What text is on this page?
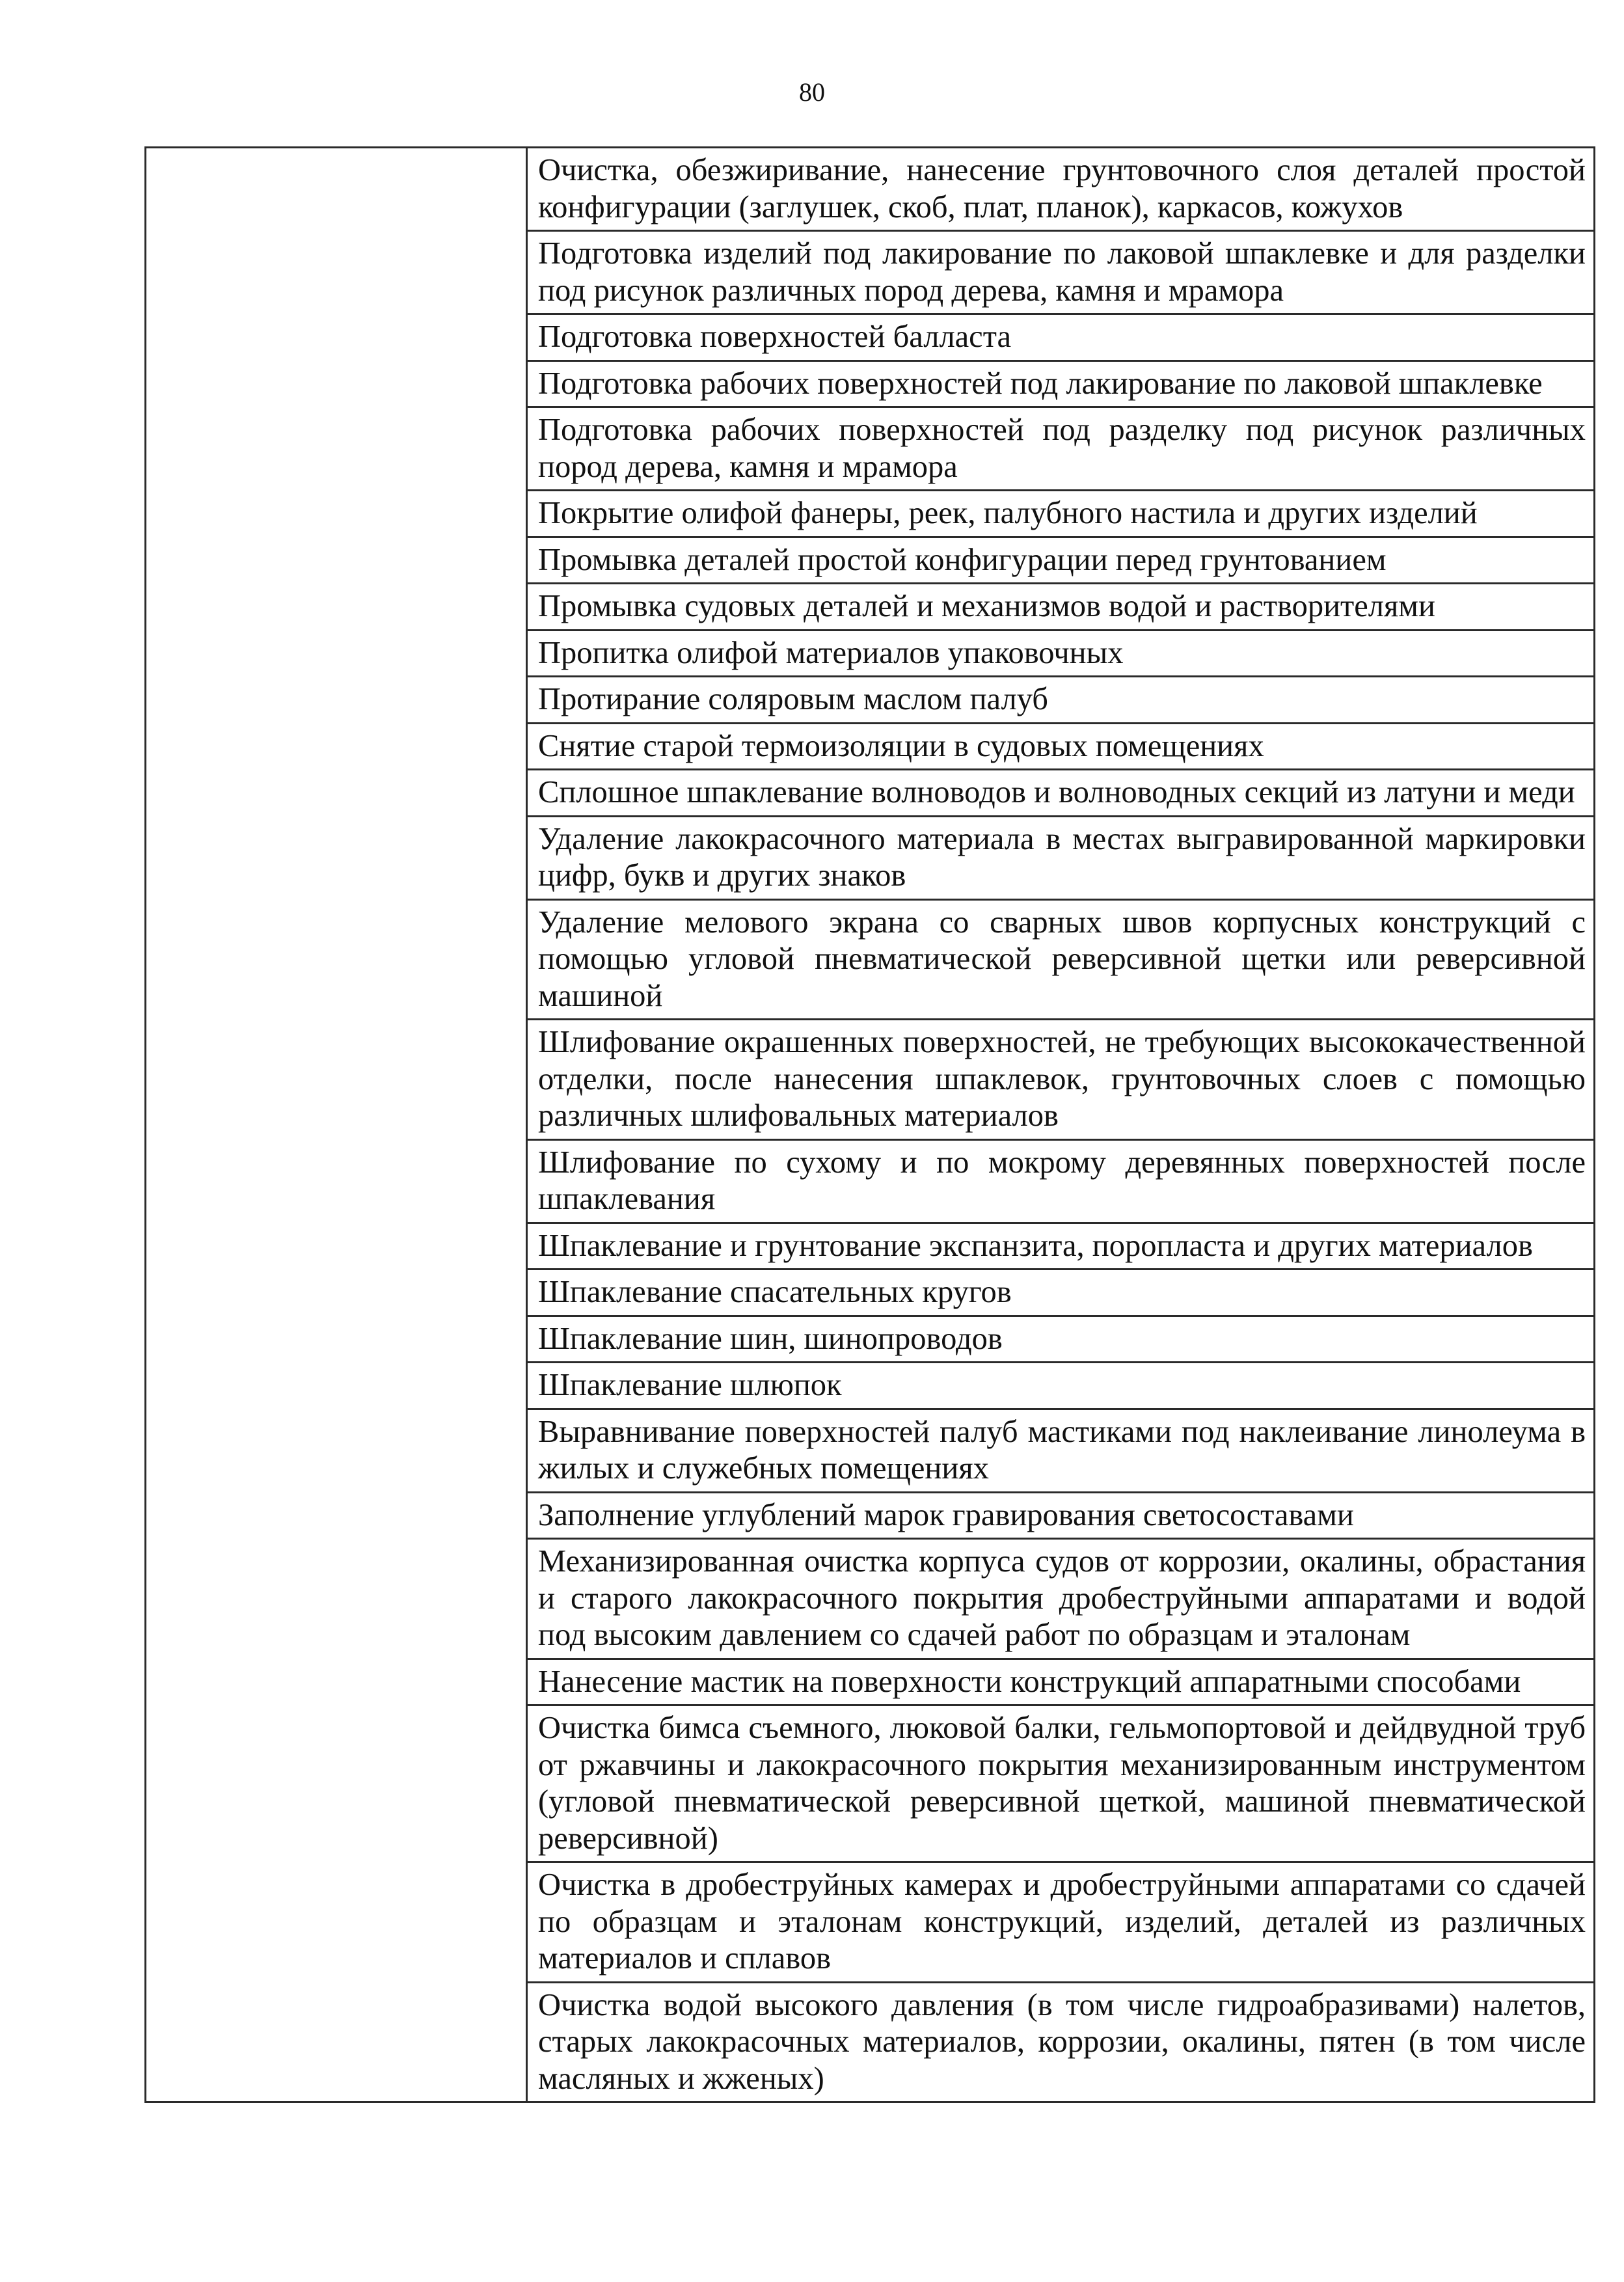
80

Очистка, обезжиривание, нанесение грунтовочного слоя деталей простой конфигурации (заглушек, скоб, плат, планок), каркасов, кожухов

Подготовка изделий под лакирование по лаковой шпаклевке и для разделки под рисунок различных пород дерева, камня и мрамора

Подготовка поверхностей балласта

Подготовка рабочих поверхностей под лакирование по лаковой шпаклевке

Подготовка рабочих поверхностей под разделку под рисунок различных пород дерева, камня и мрамора

Покрытие олифой фанеры, реек, палубного настила и других изделий

Промывка деталей простой конфигурации перед грунтованием

Промывка судовых деталей и механизмов водой и растворителями

Пропитка олифой материалов упаковочных

Протирание соляровым маслом палуб

Снятие старой термоизоляции в судовых помещениях

Сплошное шпаклевание волноводов и волноводных секций из латуни и меди

Удаление лакокрасочного материала в местах выгравированной маркировки цифр, букв и других знаков

Удаление мелового экрана со сварных швов корпусных конструкций с помощью угловой пневматической реверсивной щетки или реверсивной машиной

Шлифование окрашенных поверхностей, не требующих высококачественной отделки, после нанесения шпаклевок, грунтовочных слоев с помощью различных шлифовальных материалов

Шлифование по сухому и по мокрому деревянных поверхностей после шпаклевания

Шпаклевание и грунтование экспанзита, поропласта и других материалов

Шпаклевание спасательных кругов

Шпаклевание шин, шинопроводов

Шпаклевание шлюпок

Выравнивание поверхностей палуб мастиками под наклеивание линолеума в жилых и служебных помещениях

Заполнение углублений марок гравирования светосоставами

Механизированная очистка корпуса судов от коррозии, окалины, обрастания и старого лакокрасочного покрытия дробеструйными аппаратами и водой под высоким давлением со сдачей работ по образцам и эталонам

Нанесение мастик на поверхности конструкций аппаратными способами

Очистка бимса съемного, люковой балки, гельмопортовой и дейдвудной труб от ржавчины и лакокрасочного покрытия механизированным инструментом (угловой пневматической реверсивной щеткой, машиной пневматической реверсивной)

Очистка в дробеструйных камерах и дробеструйными аппаратами со сдачей по образцам и эталонам конструкций, изделий, деталей из различных материалов и сплавов

Очистка водой высокого давления (в том числе гидроабразивами) налетов, старых лакокрасочных материалов, коррозии, окалины, пятен (в том числе масляных и жженых)
